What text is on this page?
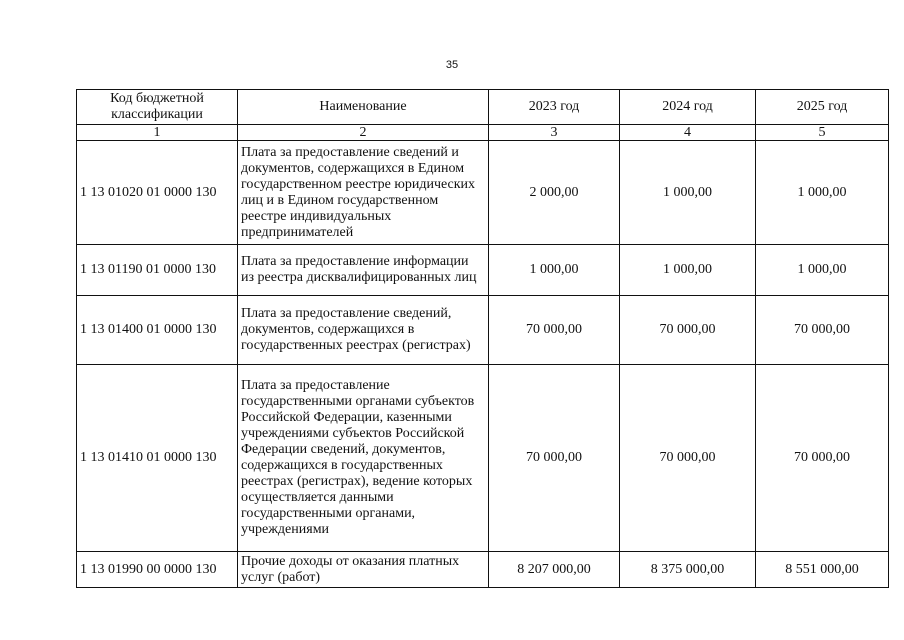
35
Код бюджетной классификации	Наименование	2023 год	2024 год	2025 год
1	2	3	4	5
1 13 01020 01 0000 130	Плата за предоставление сведений и документов, содержащихся в Едином государственном реестре юридических лиц и в Едином государственном реестре индивидуальных предпринимателей	2 000,00	1 000,00	1 000,00
1 13 01190 01 0000 130	Плата за предоставление информации из реестра дисквалифицированных лиц	1 000,00	1 000,00	1 000,00
1 13 01400 01 0000 130	Плата за предоставление сведений, документов, содержащихся в государственных реестрах (регистрах)	70 000,00	70 000,00	70 000,00
1 13 01410 01 0000 130	Плата за предоставление государственными органами субъектов Российской Федерации, казенными учреждениями субъектов Российской Федерации сведений, документов, содержащихся в государственных реестрах (регистрах), ведение которых осуществляется данными государственными органами, учреждениями	70 000,00	70 000,00	70 000,00
1 13 01990 00 0000 130	Прочие доходы от оказания платных услуг (работ)	8 207 000,00	8 375 000,00	8 551 000,00
